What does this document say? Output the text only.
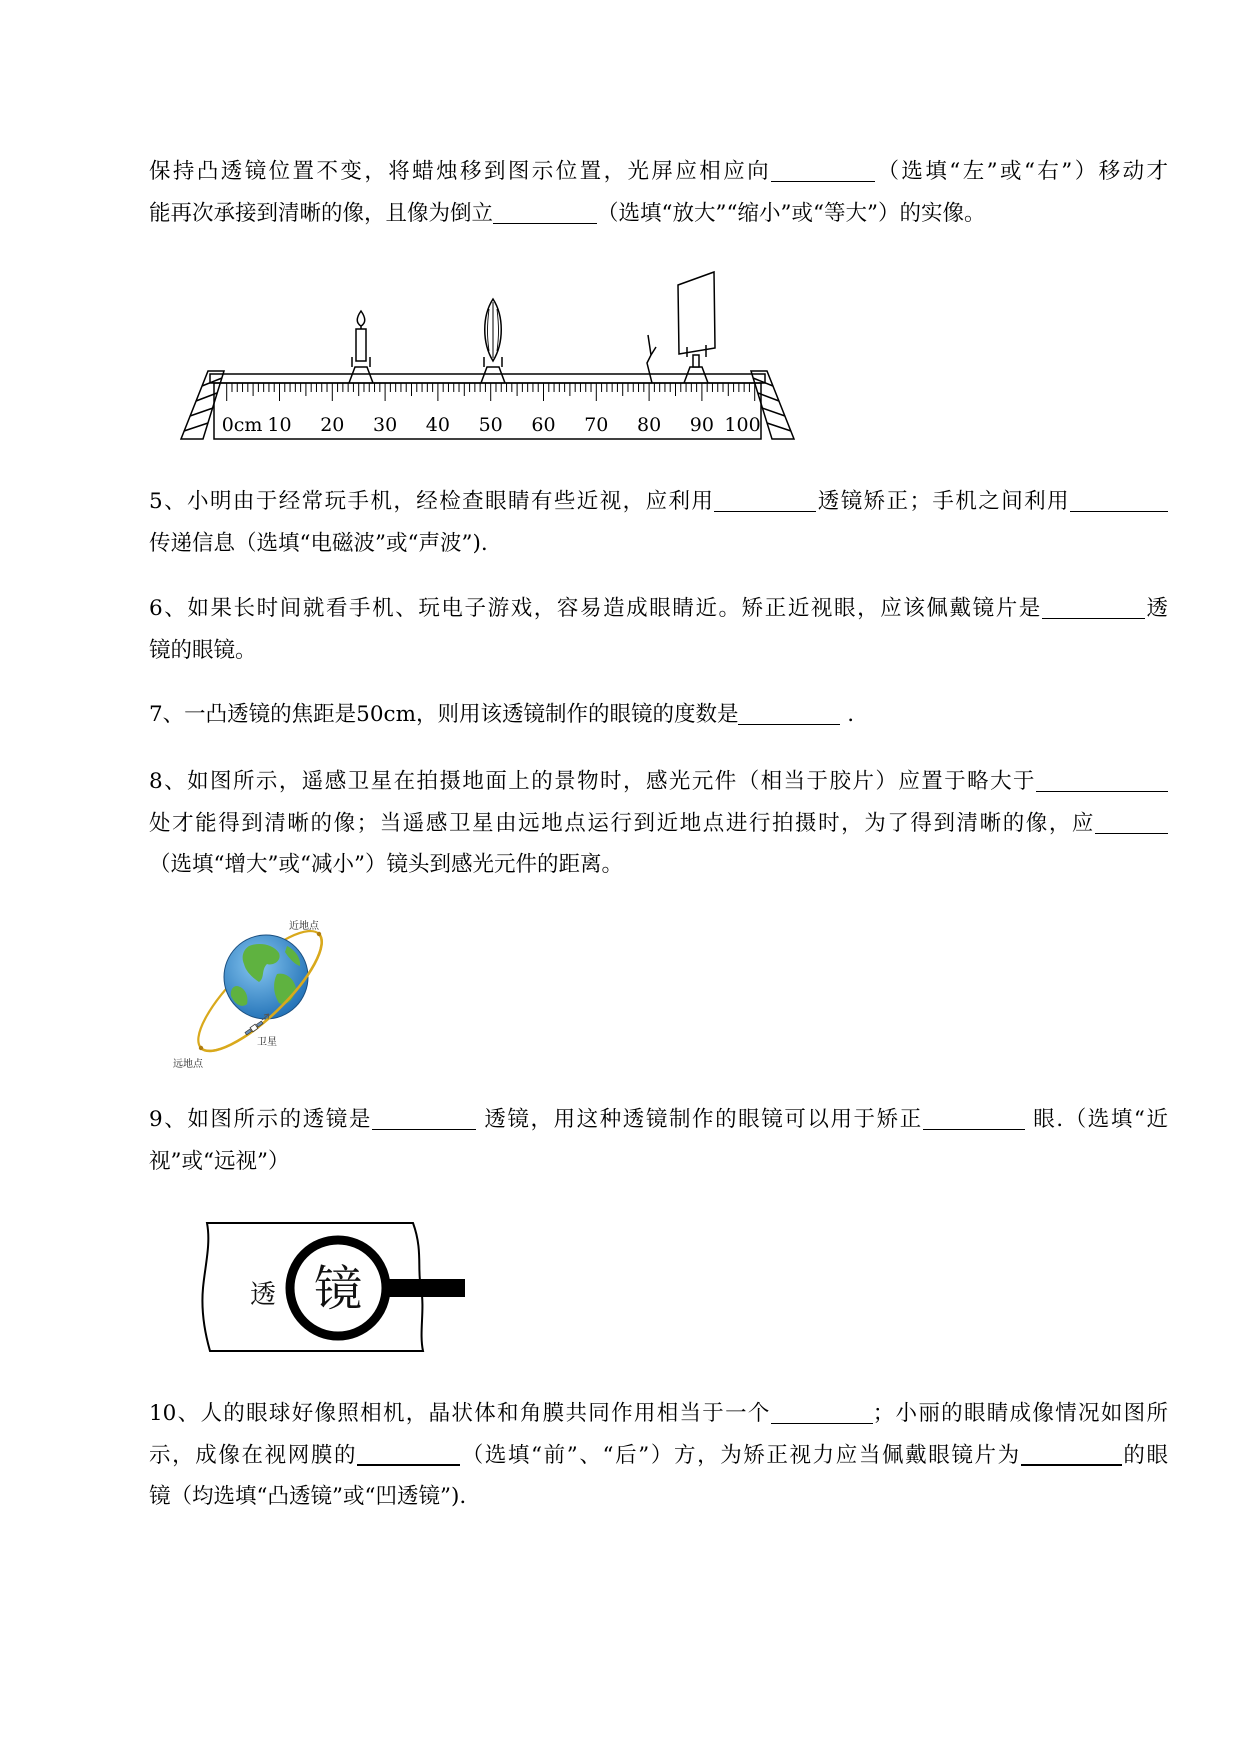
保持凸透镜位置不变，将蜡烛移到图示位置，光屏应相应向	（选填“左”或“右”）移动才
能再次承接到清晰的像，且像为倒立	（选填“放大”“缩小”或“等大”）的实像。
0cm 10 20 30 40 50 60 70 80 90 100
5、小明由于经常玩手机，经检查眼睛有些近视，应利用	透镜矫正；手机之间利用
传递信息（选填“电磁波”或“声波”).
6、如果长时间就看手机、玩电子游戏，容易造成眼睛近。矫正近视眼，应该佩戴镜片是	透
镜的眼镜。
7、一凸透镜的焦距是50cm，则用该透镜制作的眼镜的度数是	.
8、如图所示，遥感卫星在拍摄地面上的景物时，感光元件（相当于胶片）应置于略大于
处才能得到清晰的像；当遥感卫星由远地点运行到近地点进行拍摄时，为了得到清晰的像，应
（选填“增大”或“减小”）镜头到感光元件的距离。
近地点
卫星
远地点
9、如图所示的透镜是	透镜，用这种透镜制作的眼镜可以用于矫正	眼.（选填“近
视”或“远视”）
透 镜
10、人的眼球好像照相机，晶状体和角膜共同作用相当于一个	；小丽的眼睛成像情况如图所
示，成像在视网膜的	（选填“前”、“后”）方，为矫正视力应当佩戴眼镜片为	的眼
镜（均选填“凸透镜”或“凹透镜”).
